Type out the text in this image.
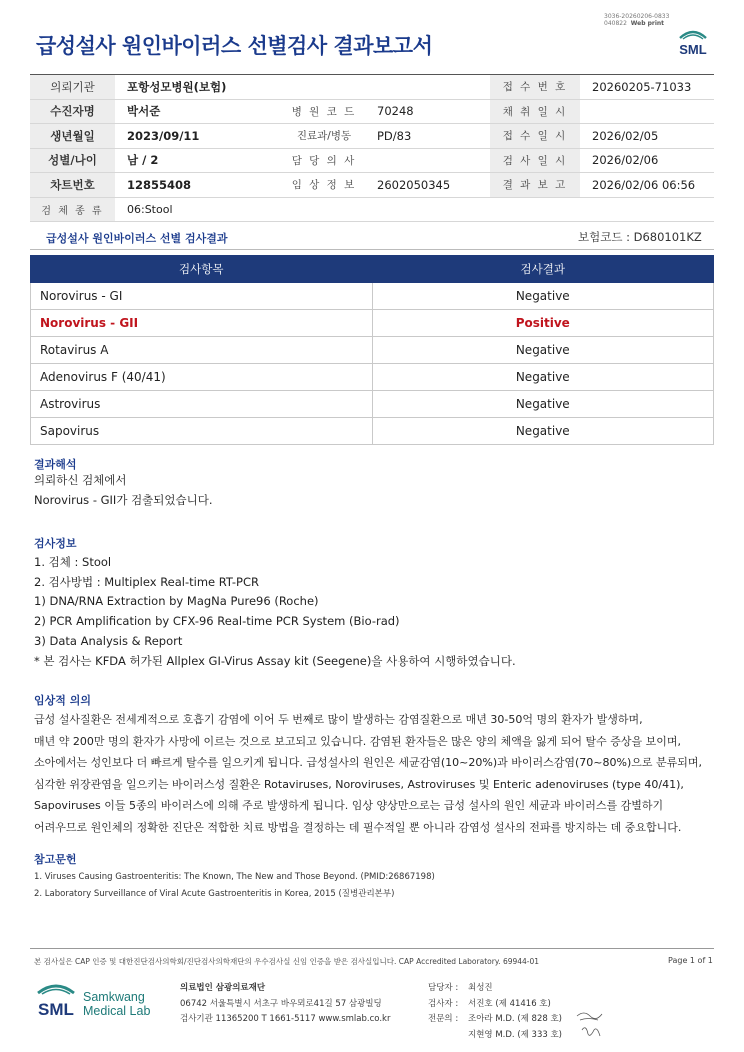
3036-20260206-0833
040822 Web print
급성설사 원인바이러스 선별검사 결과보고서	SML
의뢰기관	포항성모병원(보험)			접 수 번 호	20260205-71033
수진자명	박서준	병 원 코 드	70248	채 취 일 시	
생년월일	2023/09/11	진료과/병동	PD/83	접 수 일 시	2026/02/05
성별/나이	남 / 2	담 당 의 사		검 사 일 시	2026/02/06
차트번호	12855408	임 상 정 보	2602050345	결 과 보 고	2026/02/06 06:56
검 체 종 류	06:Stool				
급성설사 원인바이러스 선별 검사결과	보험코드 : D680101KZ
검사항목	검사결과
Norovirus - GI	Negative
Norovirus - GII	Positive
Rotavirus A	Negative
Adenovirus F (40/41)	Negative
Astrovirus	Negative
Sapovirus	Negative
결과해석
의뢰하신 검체에서
Norovirus - GII가 검출되었습니다.
검사정보
1. 검체 : Stool
2. 검사방법 : Multiplex Real-time RT-PCR
1) DNA/RNA Extraction by MagNa Pure96 (Roche)
2) PCR Amplification by CFX-96 Real-time PCR System (Bio-rad)
3) Data Analysis & Report
* 본 검사는 KFDA 허가된 Allplex GI-Virus Assay kit (Seegene)을 사용하여 시행하였습니다.
임상적 의의
급성 설사질환은 전세계적으로 호흡기 감염에 이어 두 번째로 많이 발생하는 감염질환으로 매년 30-50억 명의 환자가 발생하며,
매년 약 200만 명의 환자가 사망에 이르는 것으로 보고되고 있습니다. 감염된 환자들은 많은 양의 체액을 잃게 되어 탈수 증상을 보이며,
소아에서는 성인보다 더 빠르게 탈수를 일으키게 됩니다. 급성설사의 원인은 세균감염(10~20%)과 바이러스감염(70~80%)으로 분류되며,
심각한 위장관염을 일으키는 바이러스성 질환은 Rotaviruses, Noroviruses, Astroviruses 및 Enteric adenoviruses (type 40/41),
Sapoviruses 이들 5종의 바이러스에 의해 주로 발생하게 됩니다. 임상 양상만으로는 급성 설사의 원인 세균과 바이러스를 감별하기
어려우므로 원인체의 정확한 진단은 적합한 치료 방법을 결정하는 데 필수적일 뿐 아니라 감염성 설사의 전파를 방지하는 데 중요합니다.
참고문헌
1. Viruses Causing Gastroenteritis: The Known, The New and Those Beyond. (PMID:26867198)
2. Laboratory Surveillance of Viral Acute Gastroenteritis in Korea, 2015 (질병관리본부)
본 검사실은 CAP 인증 및 대한진단검사의학회/진단검사의학재단의 우수검사실 신임 인증을 받은 검사실입니다. CAP Accredited Laboratory. 69944-01	Page 1 of 1
SML
Samkwang
Medical Lab
의료법인 삼광의료재단
06742 서울특별시 서초구 바우뫼로41길 57 삼광빌딩
검사기관 11365200 T 1661-5117 www.smlab.co.kr
담당자 : 최성진
검사자 : 서진호 (제 41416 호)
전문의 : 조아라 M.D. (제 828 호)
지현영 M.D. (제 333 호)
